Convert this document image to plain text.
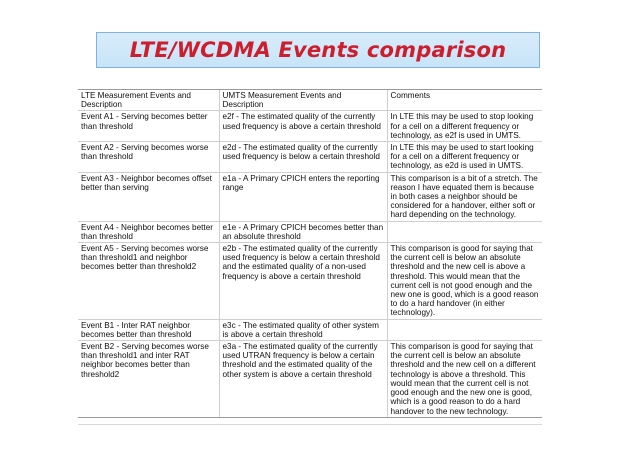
LTE/WCDMA Events comparison
LTE Measurement Events and Description	UMTS Measurement Events and Description	Comments
Event A1 - Serving becomes better than threshold	e2f - The estimated quality of the currently used frequency is above a certain threshold	In LTE this may be used to stop looking for a cell on a different frequency or technology, as e2f is used in UMTS.
Event A2 - Serving becomes worse than threshold	e2d - The estimated quality of the currently used frequency is below a certain threshold	In LTE this may be used to start looking for a cell on a different frequency or technology, as e2d is used in UMTS.
Event A3 - Neighbor becomes offset better than serving	e1a - A Primary CPICH enters the reporting range	This comparison is a bit of a stretch. The reason I have equated them is because in both cases a neighbor should be considered for a handover, either soft or hard depending on the technology.
Event A4 - Neighbor becomes better than threshold	e1e - A Primary CPICH becomes better than an absolute threshold	
Event A5 - Serving becomes worse than threshold1 and neighbor becomes better than threshold2	e2b - The estimated quality of the currently used frequency is below a certain threshold and the estimated quality of a non-used frequency is above a certain threshold	This comparison is good for saying that the current cell is below an absolute threshold and the new cell is above a threshold. This would mean that the current cell is not good enough and the new one is good, which is a good reason to do a hard handover (in either technology).
Event B1 - Inter RAT neighbor becomes better than threshold	e3c - The estimated quality of other system is above a certain threshold	
Event B2 - Serving becomes worse than threshold1 and inter RAT neighbor becomes better than threshold2	e3a - The estimated quality of the currently used UTRAN frequency is below a certain threshold and the estimated quality of the other system is above a certain threshold	This comparison is good for saying that the current cell is below an absolute threshold and the new cell on a different technology is above a threshold. This would mean that the current cell is not good enough and the new one is good, which is a good reason to do a hard handover to the new technology.
